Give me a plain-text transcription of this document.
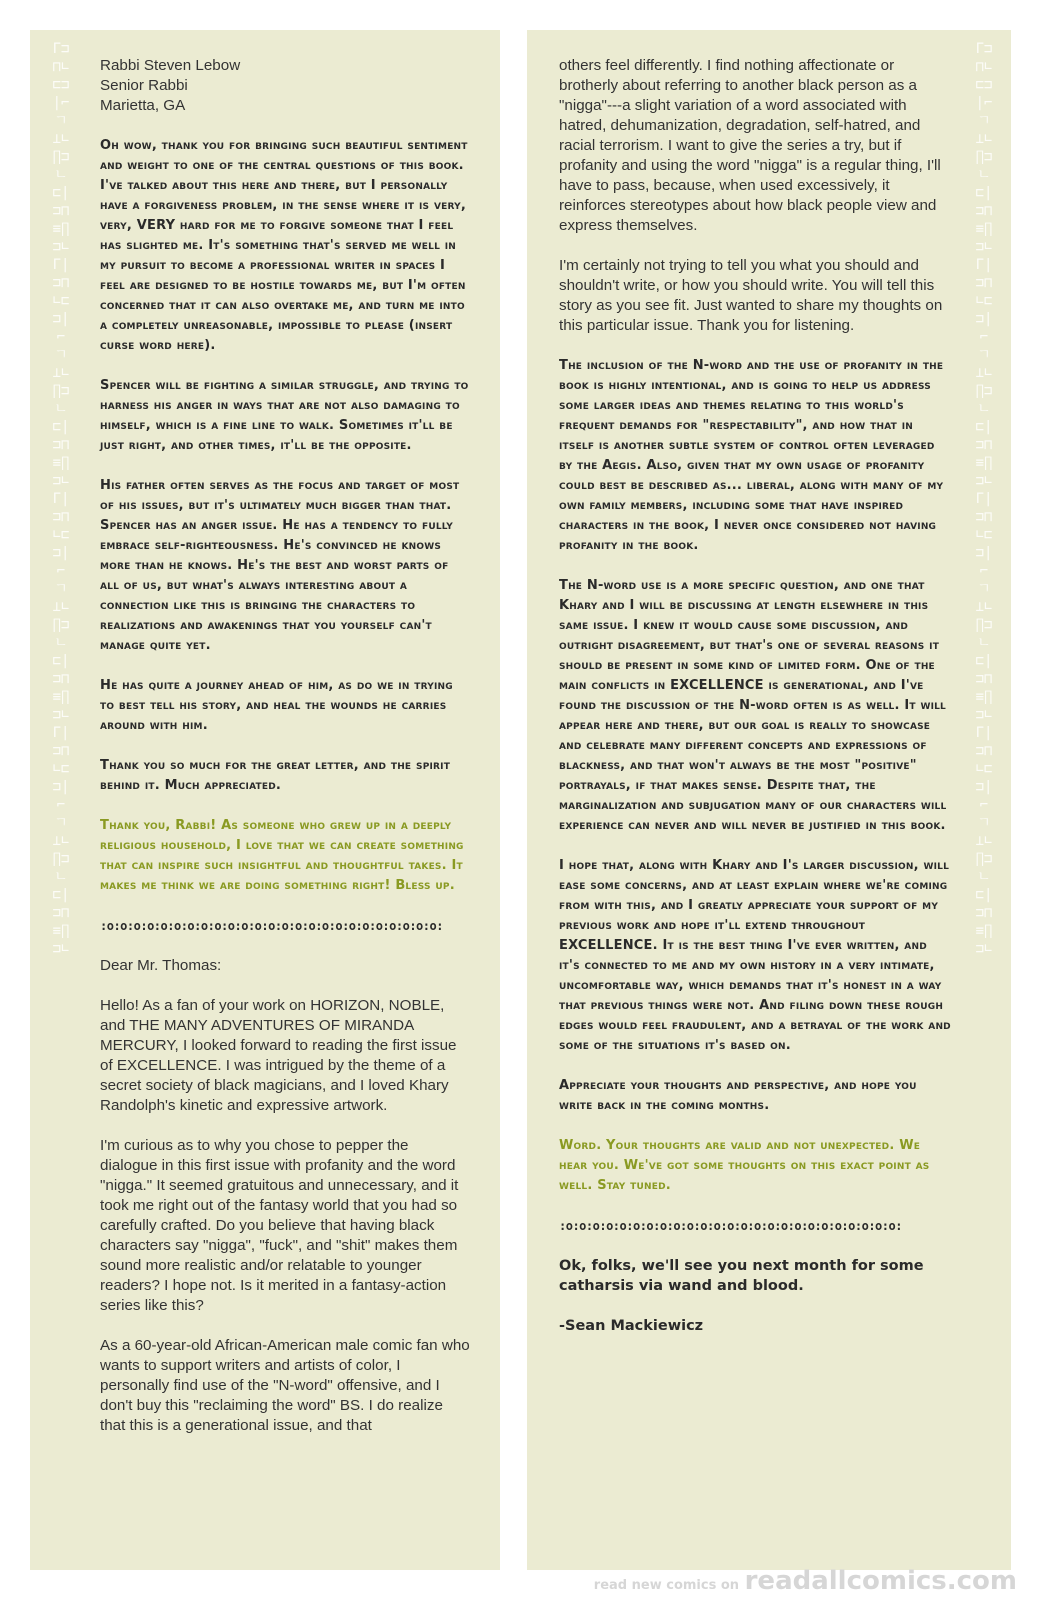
Γ⊐⊓∟⊏⊐|⌐ㄱ⊥∟∏⊐ㄴ⊏|⊐⊓≡∏⊐∟Γ|⊐⊓∟⊏⊐|⌐ㄱ⊥∟∏⊐ㄴ⊏|⊐⊓≡∏⊐∟Γ|⊐⊓∟⊏⊐|⌐ㄱ⊥∟∏⊐ㄴ⊏|⊐⊓≡∏⊐∟Γ|⊐⊓∟⊏⊐|⌐ㄱ⊥∟∏⊐ㄴ⊏|⊐⊓≡∏⊐∟
Rabbi Steven Lebow
Senior Rabbi
Marietta, GA

Oh wow, thank you for bringing such beautiful sentiment and weight to one of the central questions of this book. I've talked about this here and there, but I personally have a forgiveness problem, in the sense where it is very, very, VERY hard for me to forgive someone that I feel has slighted me. It's something that's served me well in my pursuit to become a professional writer in spaces I feel are designed to be hostile towards me, but I'm often concerned that it can also overtake me, and turn me into a completely unreasonable, impossible to please (insert curse word here).

Spencer will be fighting a similar struggle, and trying to harness his anger in ways that are not also damaging to himself, which is a fine line to walk. Sometimes it'll be just right, and other times, it'll be the opposite.

His father often serves as the focus and target of most of his issues, but it's ultimately much bigger than that. Spencer has an anger issue. He has a tendency to fully embrace self-righteousness. He's convinced he knows more than he knows. He's the best and worst parts of all of us, but what's always interesting about a connection like this is bringing the characters to realizations and awakenings that you yourself can't manage quite yet.

He has quite a journey ahead of him, as do we in trying to best tell his story, and heal the wounds he carries around with him.

Thank you so much for the great letter, and the spirit behind it. Much appreciated.

Thank you, Rabbi! As someone who grew up in a deeply religious household, I love that we can create something that can inspire such insightful and thoughtful takes. It makes me think we are doing something right! Bless up.

:o:o:o:o:o:o:o:o:o:o:o:o:o:o:o:o:o:o:o:o:o:o:o:o:o:

Dear Mr. Thomas:

Hello! As a fan of your work on HORIZON, NOBLE, and THE MANY ADVENTURES OF MIRANDA MERCURY, I looked forward to reading the first issue of EXCELLENCE. I was intrigued by the theme of a secret society of black magicians, and I loved Khary Randolph's kinetic and expressive artwork.

I'm curious as to why you chose to pepper the dialogue in this first issue with profanity and the word "nigga." It seemed gratuitous and unnecessary, and it took me right out of the fantasy world that you had so carefully crafted. Do you believe that having black characters say "nigga", "fuck", and "shit" makes them sound more realistic and/or relatable to younger readers? I hope not. Is it merited in a fantasy-action series like this?

As a 60-year-old African-American male comic fan who wants to support writers and artists of color, I personally find use of the "N-word" offensive, and I don't buy this "reclaiming the word" BS. I do realize that this is a generational issue, and that

Γ⊐⊓∟⊏⊐|⌐ㄱ⊥∟∏⊐ㄴ⊏|⊐⊓≡∏⊐∟Γ|⊐⊓∟⊏⊐|⌐ㄱ⊥∟∏⊐ㄴ⊏|⊐⊓≡∏⊐∟Γ|⊐⊓∟⊏⊐|⌐ㄱ⊥∟∏⊐ㄴ⊏|⊐⊓≡∏⊐∟Γ|⊐⊓∟⊏⊐|⌐ㄱ⊥∟∏⊐ㄴ⊏|⊐⊓≡∏⊐∟

others feel differently. I find nothing affectionate or brotherly about referring to another black person as a "nigga"---a slight variation of a word associated with hatred, dehumanization, degradation, self-hatred, and racial terrorism. I want to give the series a try, but if profanity and using the word "nigga" is a regular thing, I'll have to pass, because, when used excessively, it reinforces stereotypes about how black people view and express themselves.

I'm certainly not trying to tell you what you should and shouldn't write, or how you should write. You will tell this story as you see fit. Just wanted to share my thoughts on this particular issue. Thank you for listening.

The inclusion of the N-word and the use of profanity in the book is highly intentional, and is going to help us address some larger ideas and themes relating to this world's frequent demands for "respectability", and how that in itself is another subtle system of control often leveraged by the Aegis. Also, given that my own usage of profanity could best be described as... liberal, along with many of my own family members, including some that have inspired characters in the book, I never once considered not having profanity in the book.

The N-word use is a more specific question, and one that Khary and I will be discussing at length elsewhere in this same issue. I knew it would cause some discussion, and outright disagreement, but that's one of several reasons it should be present in some kind of limited form. One of the main conflicts in EXCELLENCE is generational, and I've found the discussion of the N-word often is as well. It will appear here and there, but our goal is really to showcase and celebrate many different concepts and expressions of blackness, and that won't always be the most "positive" portrayals, if that makes sense. Despite that, the marginalization and subjugation many of our characters will experience can never and will never be justified in this book.

I hope that, along with Khary and I's larger discussion, will ease some concerns, and at least explain where we're coming from with this, and I greatly appreciate your support of my previous work and hope it'll extend throughout EXCELLENCE. It is the best thing I've ever written, and it's connected to me and my own history in a very intimate, uncomfortable way, which demands that it's honest in a way that previous things were not. And filing down these rough edges would feel fraudulent, and a betrayal of the work and some of the situations it's based on.

Appreciate your thoughts and perspective, and hope you write back in the coming months.

Word. Your thoughts are valid and not unexpected. We hear you. We've got some thoughts on this exact point as well. Stay tuned.

:o:o:o:o:o:o:o:o:o:o:o:o:o:o:o:o:o:o:o:o:o:o:o:o:o:

Ok, folks, we'll see you next month for some catharsis via wand and blood.

-Sean Mackiewicz

read new comics on readallcomics.com
